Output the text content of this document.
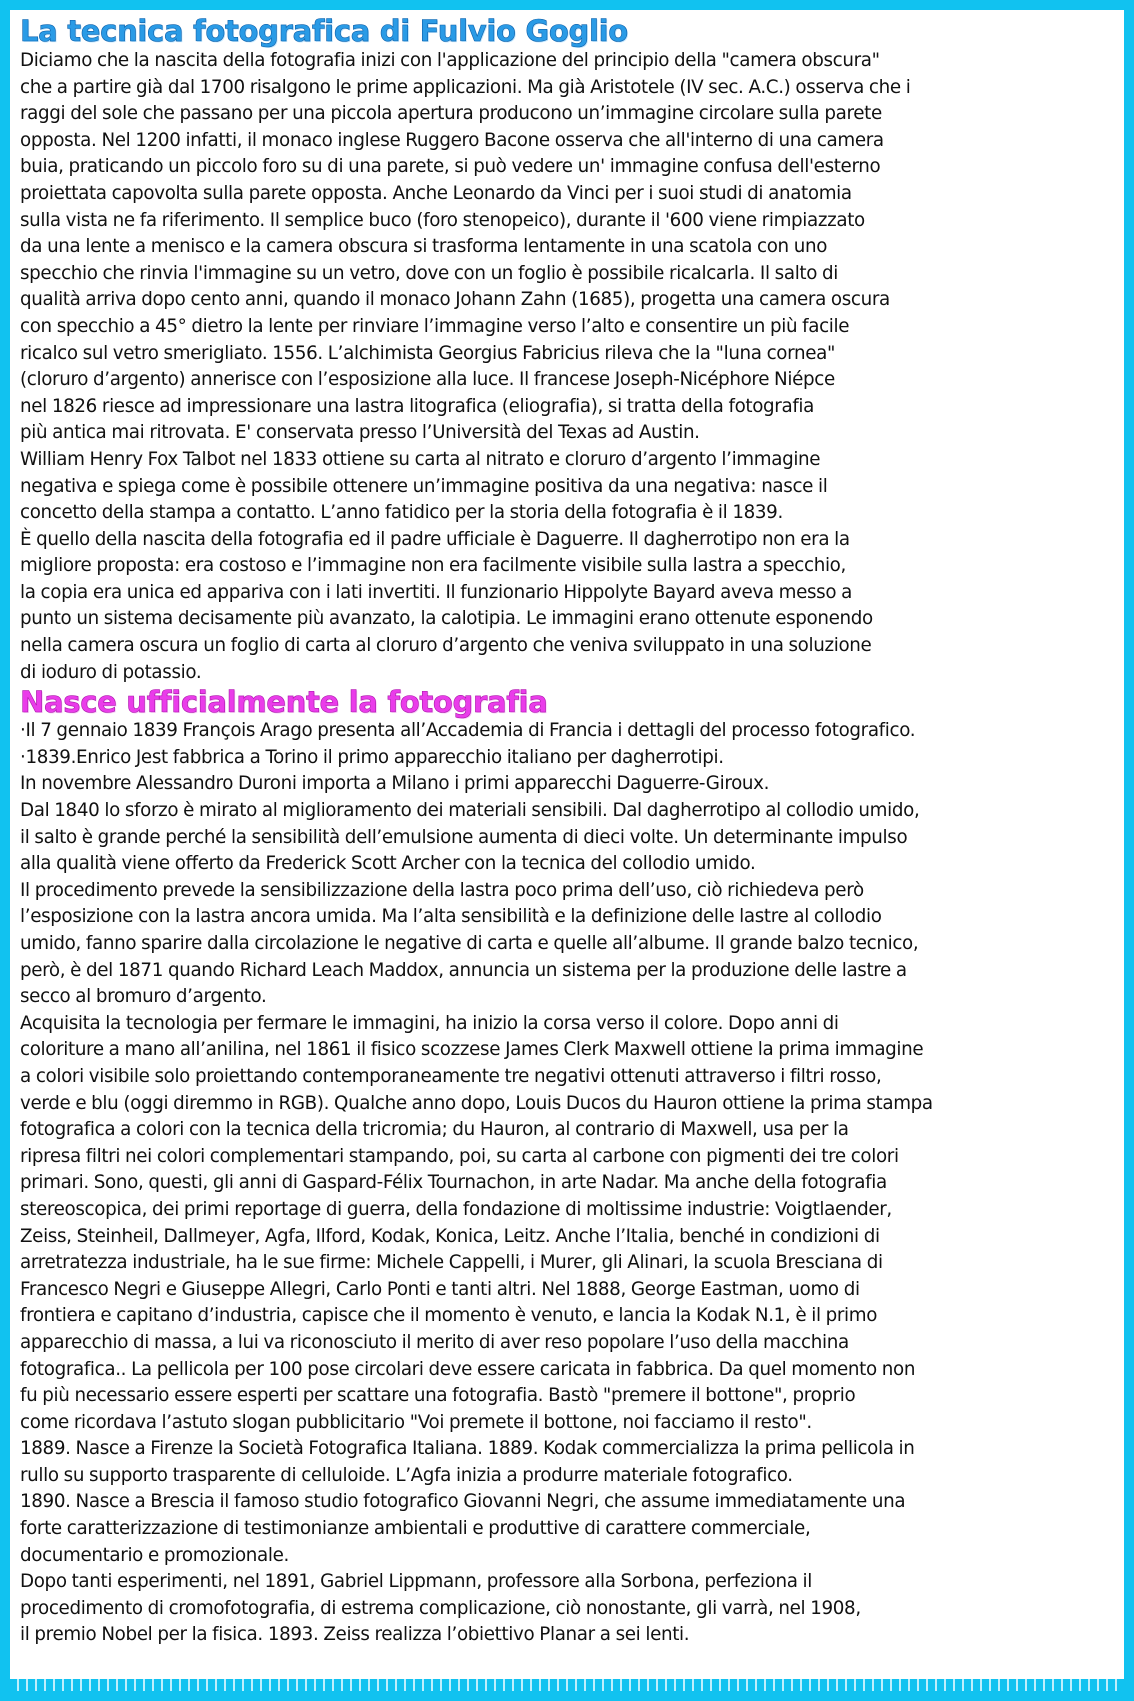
La tecnica fotografica di Fulvio Goglio
Diciamo che la nascita della fotografia inizi con l'applicazione del principio della "camera obscura"
che a partire già dal 1700 risalgono le prime applicazioni. Ma già Aristotele (IV sec. A.C.) osserva che i
raggi del sole che passano per una piccola apertura producono un’immagine circolare sulla parete
opposta. Nel 1200 infatti, il monaco inglese Ruggero Bacone osserva che all'interno di una camera
buia, praticando un piccolo foro su di una parete, si può vedere un' immagine confusa dell'esterno
proiettata capovolta sulla parete opposta. Anche Leonardo da Vinci per i suoi studi di anatomia
sulla vista ne fa riferimento. Il semplice buco (foro stenopeico), durante il '600 viene rimpiazzato
da una lente a menisco e la camera obscura si trasforma lentamente in una scatola con uno
specchio che rinvia l'immagine su un vetro, dove con un foglio è possibile ricalcarla. Il salto di
qualità arriva dopo cento anni, quando il monaco Johann Zahn (1685), progetta una camera oscura
con specchio a 45° dietro la lente per rinviare l’immagine verso l’alto e consentire un più facile
ricalco sul vetro smerigliato. 1556. L’alchimista Georgius Fabricius rileva che la "luna cornea"
(cloruro d’argento) annerisce con l’esposizione alla luce. Il francese Joseph-Nicéphore Niépce
nel 1826 riesce ad impressionare una lastra litografica (eliografia), si tratta della fotografia
più antica mai ritrovata. E' conservata presso l’Università del Texas ad Austin.
William Henry Fox Talbot nel 1833 ottiene su carta al nitrato e cloruro d’argento l’immagine
negativa e spiega come è possibile ottenere un’immagine positiva da una negativa: nasce il
concetto della stampa a contatto. L’anno fatidico per la storia della fotografia è il 1839.
È quello della nascita della fotografia ed il padre ufficiale è Daguerre. Il dagherrotipo non era la
migliore proposta: era costoso e l’immagine non era facilmente visibile sulla lastra a specchio,
la copia era unica ed appariva con i lati invertiti. Il funzionario Hippolyte Bayard aveva messo a
punto un sistema decisamente più avanzato, la calotipia. Le immagini erano ottenute esponendo
nella camera oscura un foglio di carta al cloruro d’argento che veniva sviluppato in una soluzione
di ioduro di potassio.
Nasce ufficialmente la fotografia
·Il 7 gennaio 1839 François Arago presenta all’Accademia di Francia i dettagli del processo fotografico.
·1839.Enrico Jest fabbrica a Torino il primo apparecchio italiano per dagherrotipi.
In novembre Alessandro Duroni importa a Milano i primi apparecchi Daguerre-Giroux.
Dal 1840 lo sforzo è mirato al miglioramento dei materiali sensibili. Dal dagherrotipo al collodio umido,
il salto è grande perché la sensibilità dell’emulsione aumenta di dieci volte. Un determinante impulso
alla qualità viene offerto da Frederick Scott Archer con la tecnica del collodio umido.
Il procedimento prevede la sensibilizzazione della lastra poco prima dell’uso, ciò richiedeva però
l’esposizione con la lastra ancora umida. Ma l’alta sensibilità e la definizione delle lastre al collodio
umido, fanno sparire dalla circolazione le negative di carta e quelle all’albume. Il grande balzo tecnico,
però, è del 1871 quando Richard Leach Maddox, annuncia un sistema per la produzione delle lastre a
secco al bromuro d’argento.
Acquisita la tecnologia per fermare le immagini, ha inizio la corsa verso il colore. Dopo anni di
coloriture a mano all’anilina, nel 1861 il fisico scozzese James Clerk Maxwell ottiene la prima immagine
a colori visibile solo proiettando contemporaneamente tre negativi ottenuti attraverso i filtri rosso,
verde e blu (oggi diremmo in RGB). Qualche anno dopo, Louis Ducos du Hauron ottiene la prima stampa
fotografica a colori con la tecnica della tricromia; du Hauron, al contrario di Maxwell, usa per la
ripresa filtri nei colori complementari stampando, poi, su carta al carbone con pigmenti dei tre colori
primari. Sono, questi, gli anni di Gaspard-Félix Tournachon, in arte Nadar. Ma anche della fotografia
stereoscopica, dei primi reportage di guerra, della fondazione di moltissime industrie: Voigtlaender,
Zeiss, Steinheil, Dallmeyer, Agfa, Ilford, Kodak, Konica, Leitz. Anche l’Italia, benché in condizioni di
arretratezza industriale, ha le sue firme: Michele Cappelli, i Murer, gli Alinari, la scuola Bresciana di
Francesco Negri e Giuseppe Allegri, Carlo Ponti e tanti altri. Nel 1888, George Eastman, uomo di
frontiera e capitano d’industria, capisce che il momento è venuto, e lancia la Kodak N.1, è il primo
apparecchio di massa, a lui va riconosciuto il merito di aver reso popolare l’uso della macchina
fotografica.. La pellicola per 100 pose circolari deve essere caricata in fabbrica. Da quel momento non
fu più necessario essere esperti per scattare una fotografia. Bastò "premere il bottone", proprio
come ricordava l’astuto slogan pubblicitario "Voi premete il bottone, noi facciamo il resto".
1889. Nasce a Firenze la Società Fotografica Italiana. 1889. Kodak commercializza la prima pellicola in
rullo su supporto trasparente di celluloide. L’Agfa inizia a produrre materiale fotografico.
1890. Nasce a Brescia il famoso studio fotografico Giovanni Negri, che assume immediatamente una
forte caratterizzazione di testimonianze ambientali e produttive di carattere commerciale,
documentario e promozionale.
Dopo tanti esperimenti, nel 1891, Gabriel Lippmann, professore alla Sorbona, perfeziona il
procedimento di cromofotografia, di estrema complicazione, ciò nonostante, gli varrà, nel 1908,
il premio Nobel per la fisica. 1893. Zeiss realizza l’obiettivo Planar a sei lenti.
